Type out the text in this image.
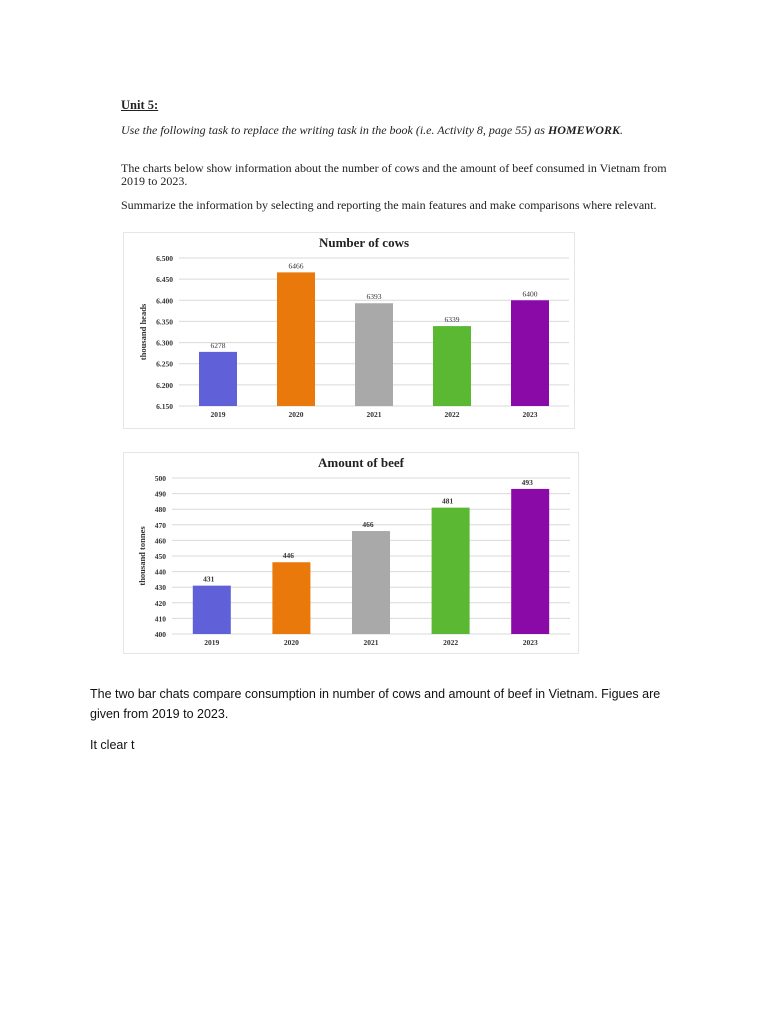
Unit 5:
Use the following task to replace the writing task in the book (i.e. Activity 8, page 55) as HOMEWORK.
The charts below show information about the number of cows and the amount of beef consumed in Vietnam from 2019 to 2023.
Summarize the information by selecting and reporting the main features and make comparisons where relevant.
Number of cows
6.150
6.200
6.250
6.300
6.350
6.400
6.450
6.500
thousand heads	6278
2019
6466
2020
6393
2021
6339
2022
6400
2023
Amount of beef
400
410
420
430
440
450
460
470
480
490
500
thousand tonnes	431
2019
446
2020
466
2021
481
2022
493
2023
The two bar chats compare consumption in number of cows and amount of beef in Vietnam. Figues are given from 2019 to 2023.
It clear t
